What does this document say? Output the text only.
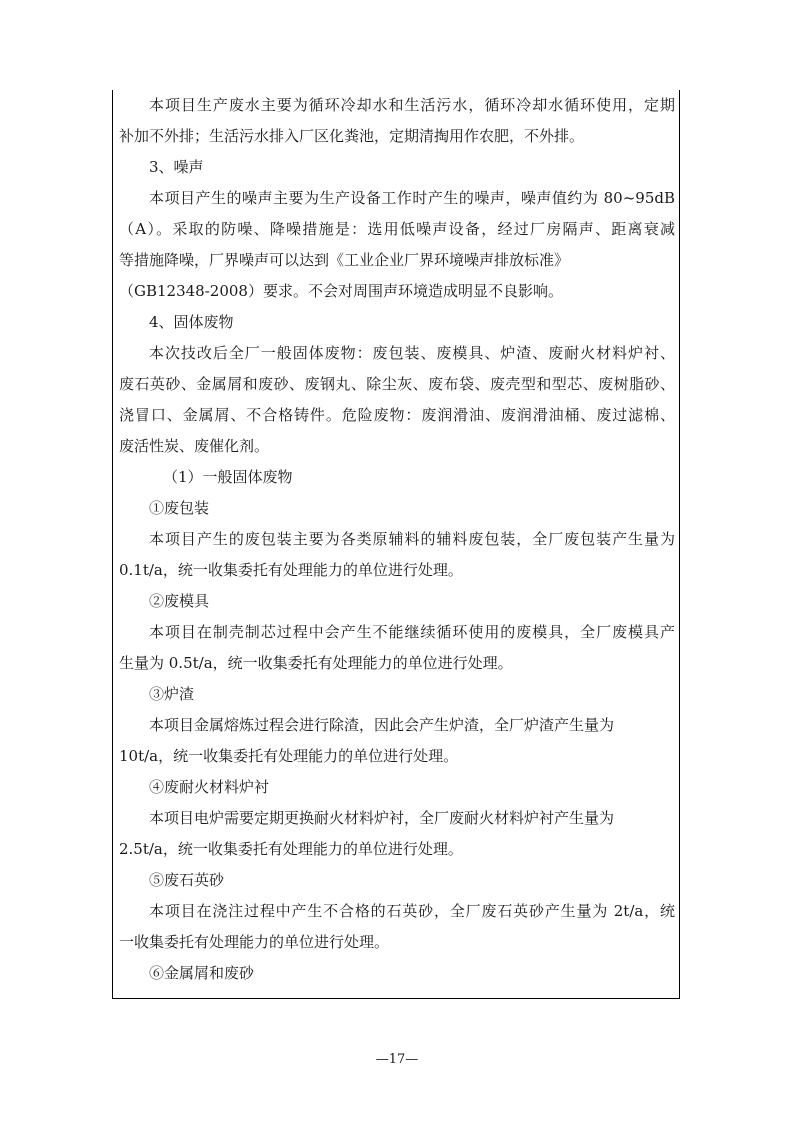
本项目生产废水主要为循环冷却水和生活污水，循环冷却水循环使用，定期
补加不外排；生活污水排入厂区化粪池，定期清掏用作农肥，不外排。
3、噪声
本项目产生的噪声主要为生产设备工作时产生的噪声，噪声值约为 80~95dB
（A）。采取的防噪、降噪措施是：选用低噪声设备，经过厂房隔声、距离衰减
等措施降噪，厂界噪声可以达到《工业企业厂界环境噪声排放标准》
（GB12348-2008）要求。不会对周围声环境造成明显不良影响。
4、固体废物
本次技改后全厂一般固体废物：废包装、废模具、炉渣、废耐火材料炉衬、
废石英砂、金属屑和废砂、废钢丸、除尘灰、废布袋、废壳型和型芯、废树脂砂、
浇冒口、金属屑、不合格铸件。危险废物：废润滑油、废润滑油桶、废过滤棉、
废活性炭、废催化剂。
（1）一般固体废物
①废包装
本项目产生的废包装主要为各类原辅料的辅料废包装，全厂废包装产生量为
0.1t/a，统一收集委托有处理能力的单位进行处理。
②废模具
本项目在制壳制芯过程中会产生不能继续循环使用的废模具，全厂废模具产
生量为 0.5t/a，统一收集委托有处理能力的单位进行处理。
③炉渣
本项目金属熔炼过程会进行除渣，因此会产生炉渣，全厂炉渣产生量为
10t/a，统一收集委托有处理能力的单位进行处理。
④废耐火材料炉衬
本项目电炉需要定期更换耐火材料炉衬，全厂废耐火材料炉衬产生量为
2.5t/a，统一收集委托有处理能力的单位进行处理。
⑤废石英砂
本项目在浇注过程中产生不合格的石英砂，全厂废石英砂产生量为 2t/a，统
一收集委托有处理能力的单位进行处理。
⑥金属屑和废砂
—17—
